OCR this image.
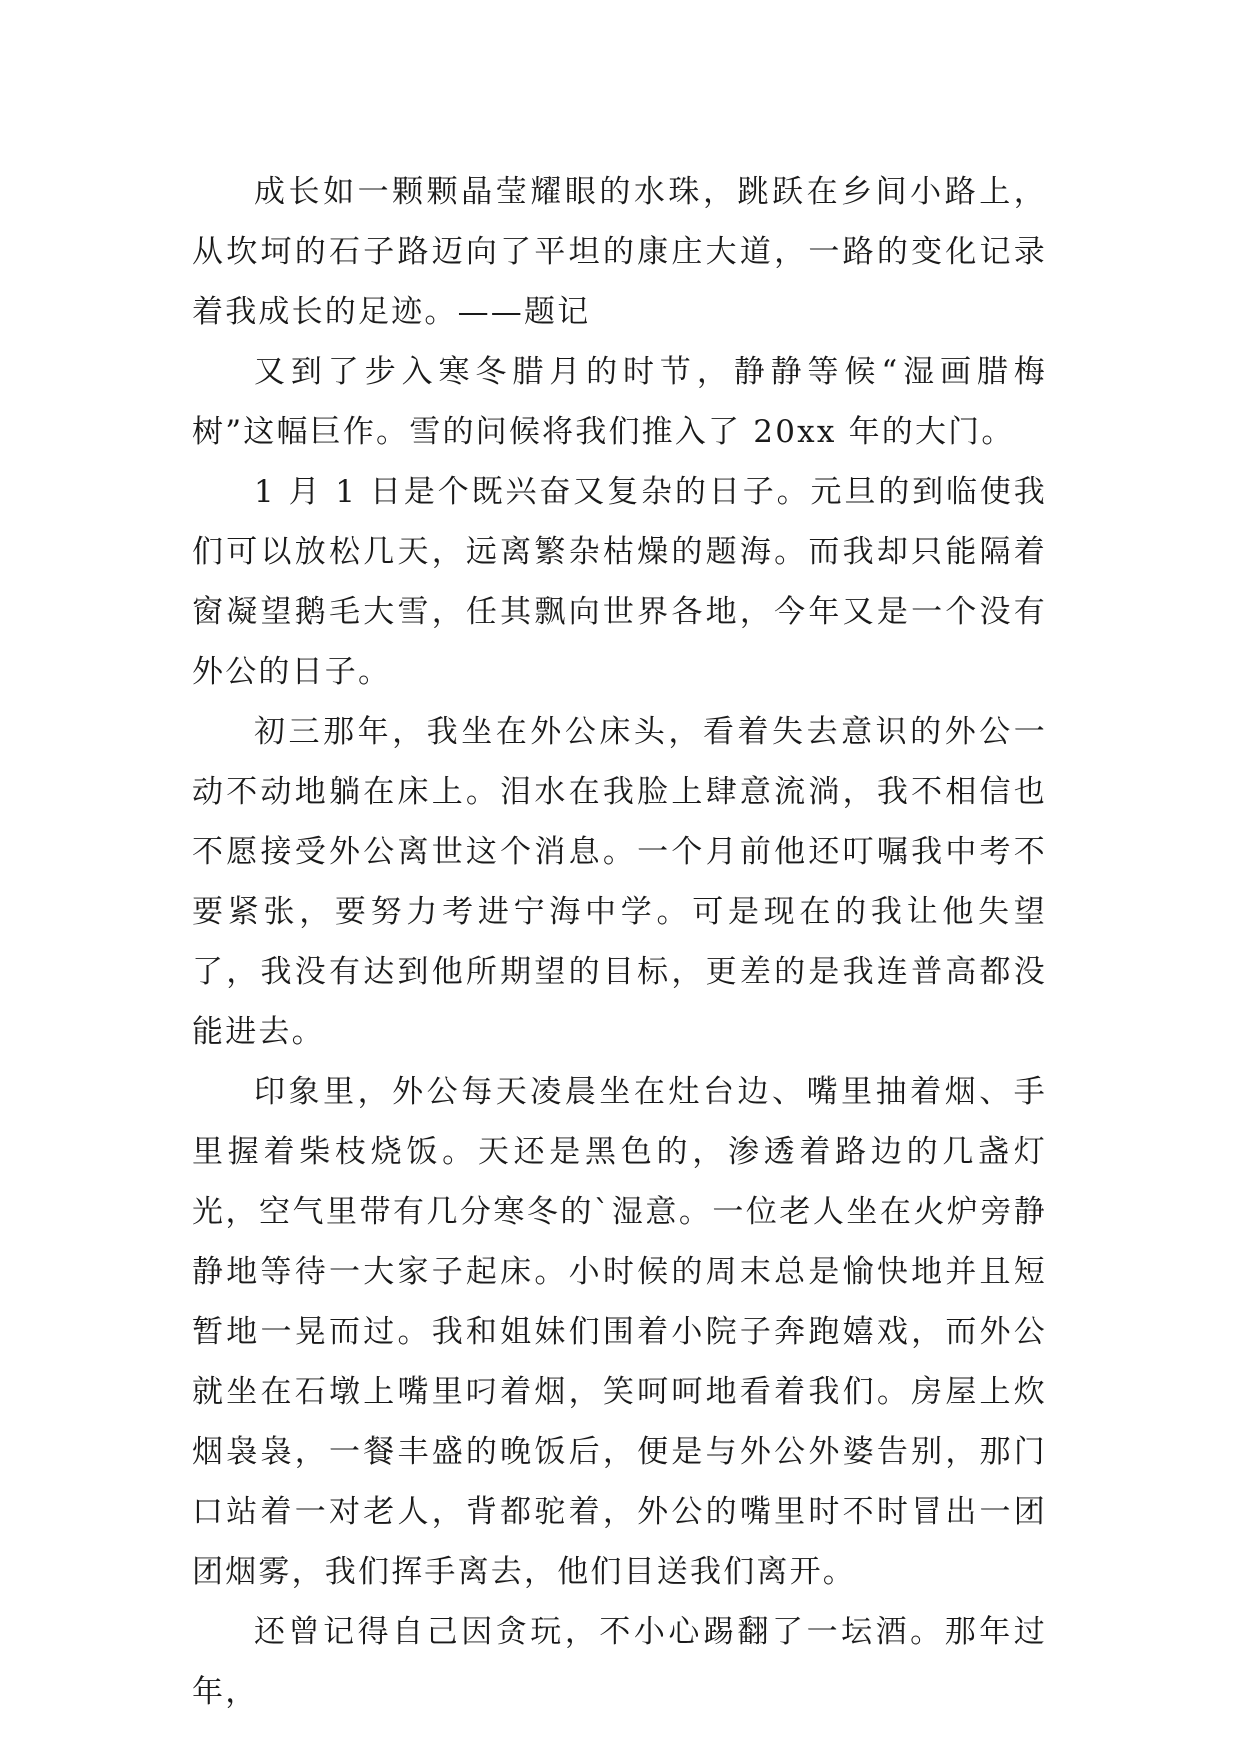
成长如一颗颗晶莹耀眼的水珠，跳跃在乡间小路上，从坎坷的石子路迈向了平坦的康庄大道，一路的变化记录着我成长的足迹。——题记

又到了步入寒冬腊月的时节，静静等候“湿画腊梅树”这幅巨作。雪的问候将我们推入了 20xx 年的大门。

1 月 1 日是个既兴奋又复杂的日子。元旦的到临使我们可以放松几天，远离繁杂枯燥的题海。而我却只能隔着窗凝望鹅毛大雪，任其飘向世界各地，今年又是一个没有外公的日子。

初三那年，我坐在外公床头，看着失去意识的外公一动不动地躺在床上。泪水在我脸上肆意流淌，我不相信也不愿接受外公离世这个消息。一个月前他还叮嘱我中考不要紧张，要努力考进宁海中学。可是现在的我让他失望了，我没有达到他所期望的目标，更差的是我连普高都没能进去。

印象里，外公每天凌晨坐在灶台边、嘴里抽着烟、手里握着柴枝烧饭。天还是黑色的，渗透着路边的几盏灯光，空气里带有几分寒冬的`湿意。一位老人坐在火炉旁静静地等待一大家子起床。小时候的周末总是愉快地并且短暂地一晃而过。我和姐妹们围着小院子奔跑嬉戏，而外公就坐在石墩上嘴里叼着烟，笑呵呵地看着我们。房屋上炊烟袅袅，一餐丰盛的晚饭后，便是与外公外婆告别，那门口站着一对老人，背都驼着，外公的嘴里时不时冒出一团团烟雾，我们挥手离去，他们目送我们离开。

还曾记得自己因贪玩，不小心踢翻了一坛酒。那年过年，
